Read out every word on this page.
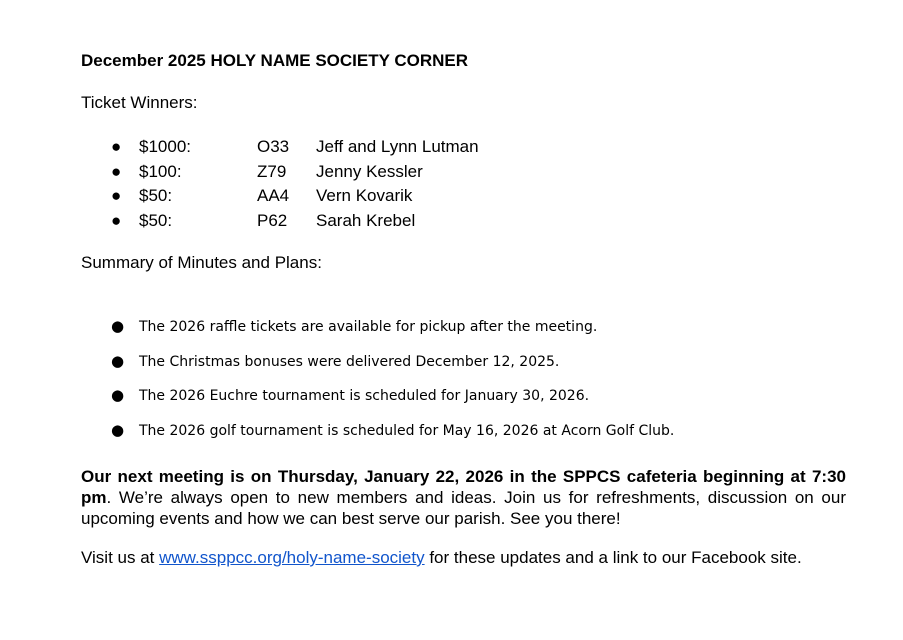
December 2025 HOLY NAME SOCIETY CORNER
Ticket Winners:
● $1000:	O33 Jeff and Lynn Lutman
● $100:	Z79 Jenny Kessler
● $50:	AA4 Vern Kovarik
● $50:	P62 Sarah Krebel
Summary of Minutes and Plans:
● The 2026 raffle tickets are available for pickup after the meeting.
● The Christmas bonuses were delivered December 12, 2025.
● The 2026 Euchre tournament is scheduled for January 30, 2026.
● The 2026 golf tournament is scheduled for May 16, 2026 at Acorn Golf Club.
Our next meeting is on Thursday, January 22, 2026 in the SPPCS cafeteria beginning at 7:30 pm. We’re always open to new members and ideas. Join us for refreshments, discussion on our upcoming events and how we can best serve our parish. See you there!
Visit us at www.ssppcc.org/holy-name-society for these updates and a link to our Facebook site.
